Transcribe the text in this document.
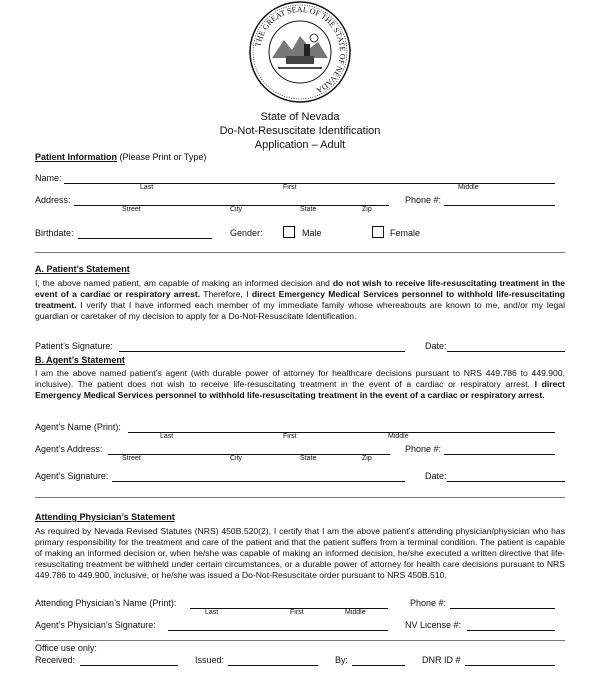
THE GREAT SEAL OF THE STATE OF NEVADA
State of Nevada
Do-Not-Resuscitate Identification
Application – Adult
Patient Information (Please Print or Type)
Name:
Last	First	Middle
Address:
Street	City	State	Zip
Phone #:
Birthdate:	Gender:	Male	Female
A. Patient’s Statement
I, the above named patient, am capable of making an informed decision and do not wish to receive life-resuscitating treatment in the event of a cardiac or respiratory arrest. Therefore, I direct Emergency Medical Services personnel to withhold life-resuscitating treatment. I verify that I have informed each member of my immediate family whose whereabouts are known to me, and/or my legal guardian or caretaker of my decision to apply for a Do-Not-Resuscitate Identification.
Patient’s Signature:	Date:
B. Agent’s Statement
I am the above named patient’s agent (with durable power of attorney for healthcare decisions pursuant to NRS 449.786 to 449.900, inclusive). The patient does not wish to receive life-resuscitating treatment in the event of a cardiac or respiratory arrest. I direct Emergency Medical Services personnel to withhold life-resuscitating treatment in the event of a cardiac or respiratory arrest.
Agent’s Name (Print):
Last	First	Middle
Agent’s Address:
Street	City	State	Zip
Phone #:
Agent’s Signature:	Date:
Attending Physician’s Statement
As required by Nevada Revised Statutes (NRS) 450B.520(2), I certify that I am the above patient’s attending physician/physician who has primary responsibility for the treatment and care of the patient and that the patient suffers from a terminal condition. The patient is capable of making an informed decision or, when he/she was capable of making an informed decision, he/she executed a written directive that life-resuscitating treatment be withheld under certain circumstances, or a durable power of attorney for health care decisions pursuant to NRS 449.786 to 449.900, inclusive, or he/she was issued a Do-Not-Resuscitate order pursuant to NRS 450B.510.
Attending Physician’s Name (Print):
Last	First	Middle
Phone #:
Agent’s Physician’s Signature:	NV License #:
Office use only:
Received:	Issued:	By:	DNR ID #
